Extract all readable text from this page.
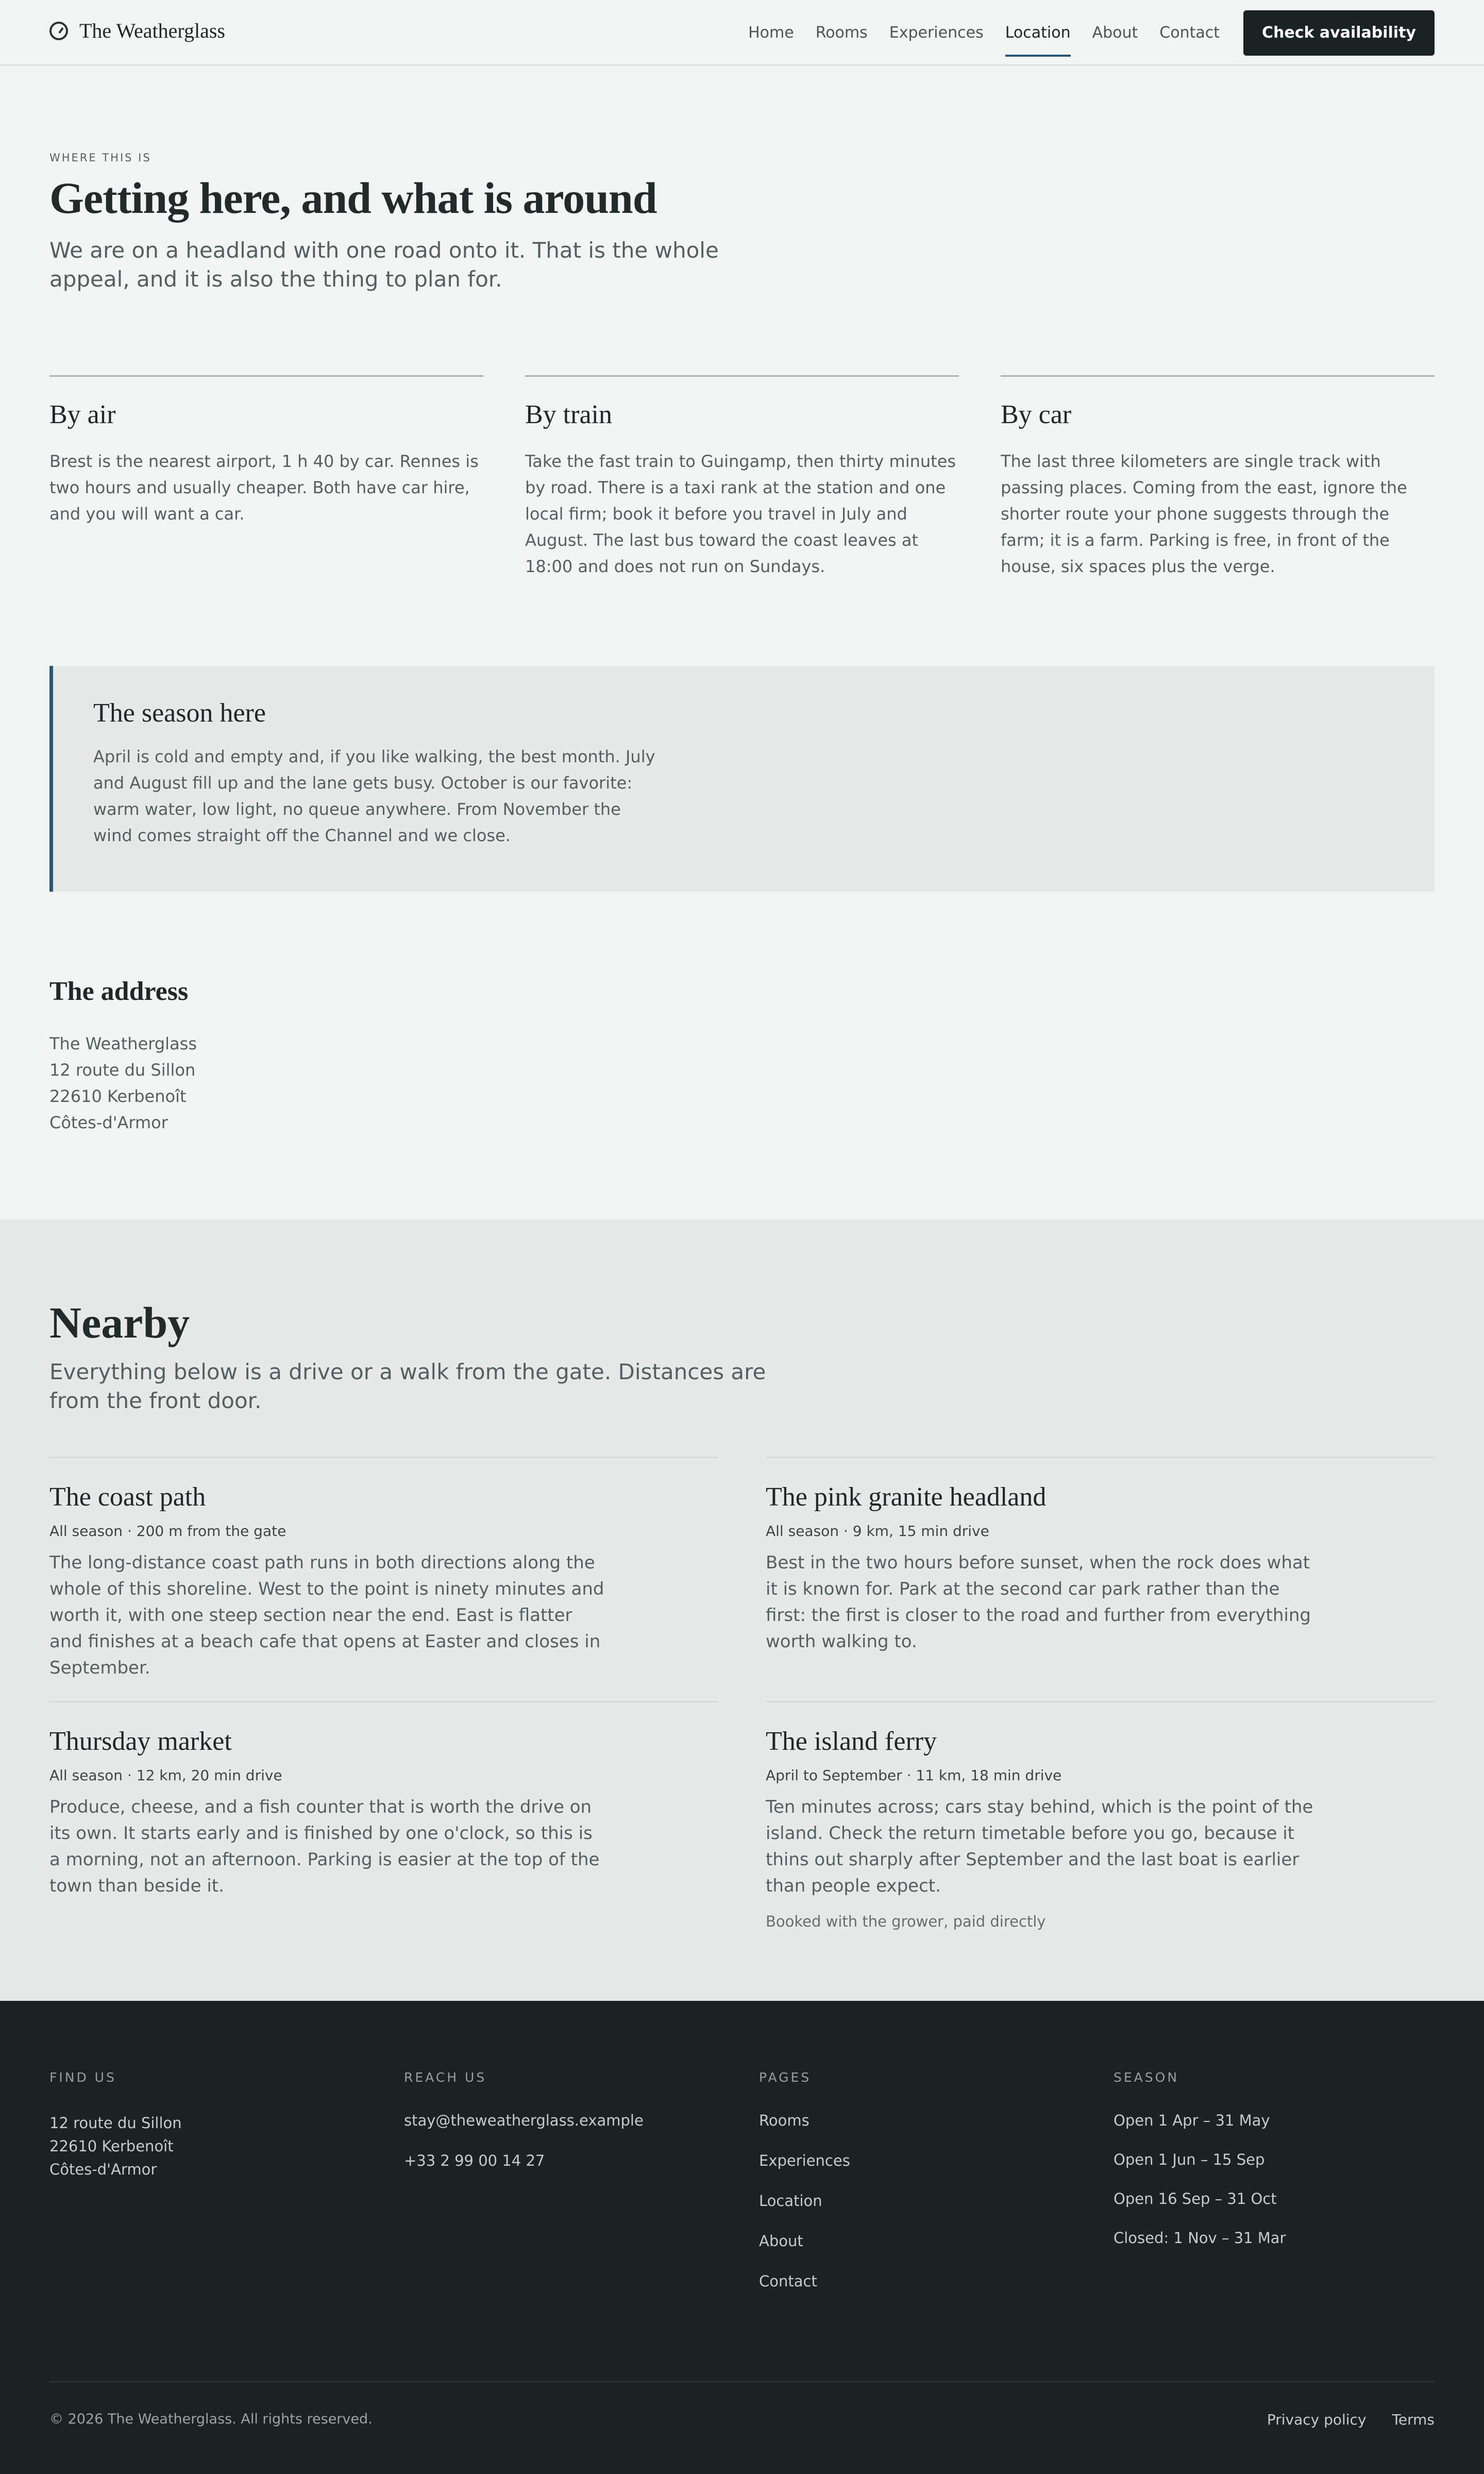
The Weatherglass	Home Rooms Experiences Location About Contact	Check availability
WHERE THIS IS
Getting here, and what is around

We are on a headland with one road onto it. That is the whole appeal, and it is also the thing to plan for.

By air

Brest is the nearest airport, 1 h 40 by car. Rennes is two hours and usually cheaper. Both have car hire, and you will want a car.

By train

Take the fast train to Guingamp, then thirty minutes by road. There is a taxi rank at the station and one local firm; book it before you travel in July and August. The last bus toward the coast leaves at 18:00 and does not run on Sundays.

By car

The last three kilometers are single track with passing places. Coming from the east, ignore the shorter route your phone suggests through the farm; it is a farm. Parking is free, in front of the house, six spaces plus the verge.

The season here

April is cold and empty and, if you like walking, the best month. July and August fill up and the lane gets busy. October is our favorite: warm water, low light, no queue anywhere. From November the wind comes straight off the Channel and we close.

The address
The Weatherglass
12 route du Sillon
22610 Kerbenoît
Côtes-d'Armor
Nearby

Everything below is a drive or a walk from the gate. Distances are from the front door.

The coast path
All season · 200 m from the gate

The long-distance coast path runs in both directions along the whole of this shoreline. West to the point is ninety minutes and worth it, with one steep section near the end. East is flatter and finishes at a beach cafe that opens at Easter and closes in September.

The pink granite headland
All season · 9 km, 15 min drive

Best in the two hours before sunset, when the rock does what it is known for. Park at the second car park rather than the first: the first is closer to the road and further from everything worth walking to.

Thursday market
All season · 12 km, 20 min drive

Produce, cheese, and a fish counter that is worth the drive on its own. It starts early and is finished by one o'clock, so this is a morning, not an afternoon. Parking is easier at the top of the town than beside it.

The island ferry
April to September · 11 km, 18 min drive

Ten minutes across; cars stay behind, which is the point of the island. Check the return timetable before you go, because it thins out sharply after September and the last boat is earlier than people expect.

Booked with the grower, paid directly
FIND US
12 route du Sillon
22610 Kerbenoît
Côtes-d'Armor
REACH US
stay@theweatherglass.example
+33 2 99 00 14 27
PAGES
Rooms
Experiences
Location
About
Contact
SEASON
Open 1 Apr – 31 May
Open 1 Jun – 15 Sep
Open 16 Sep – 31 Oct
Closed: 1 Nov – 31 Mar
© 2026 The Weatherglass. All rights reserved.	Privacy policy Terms
